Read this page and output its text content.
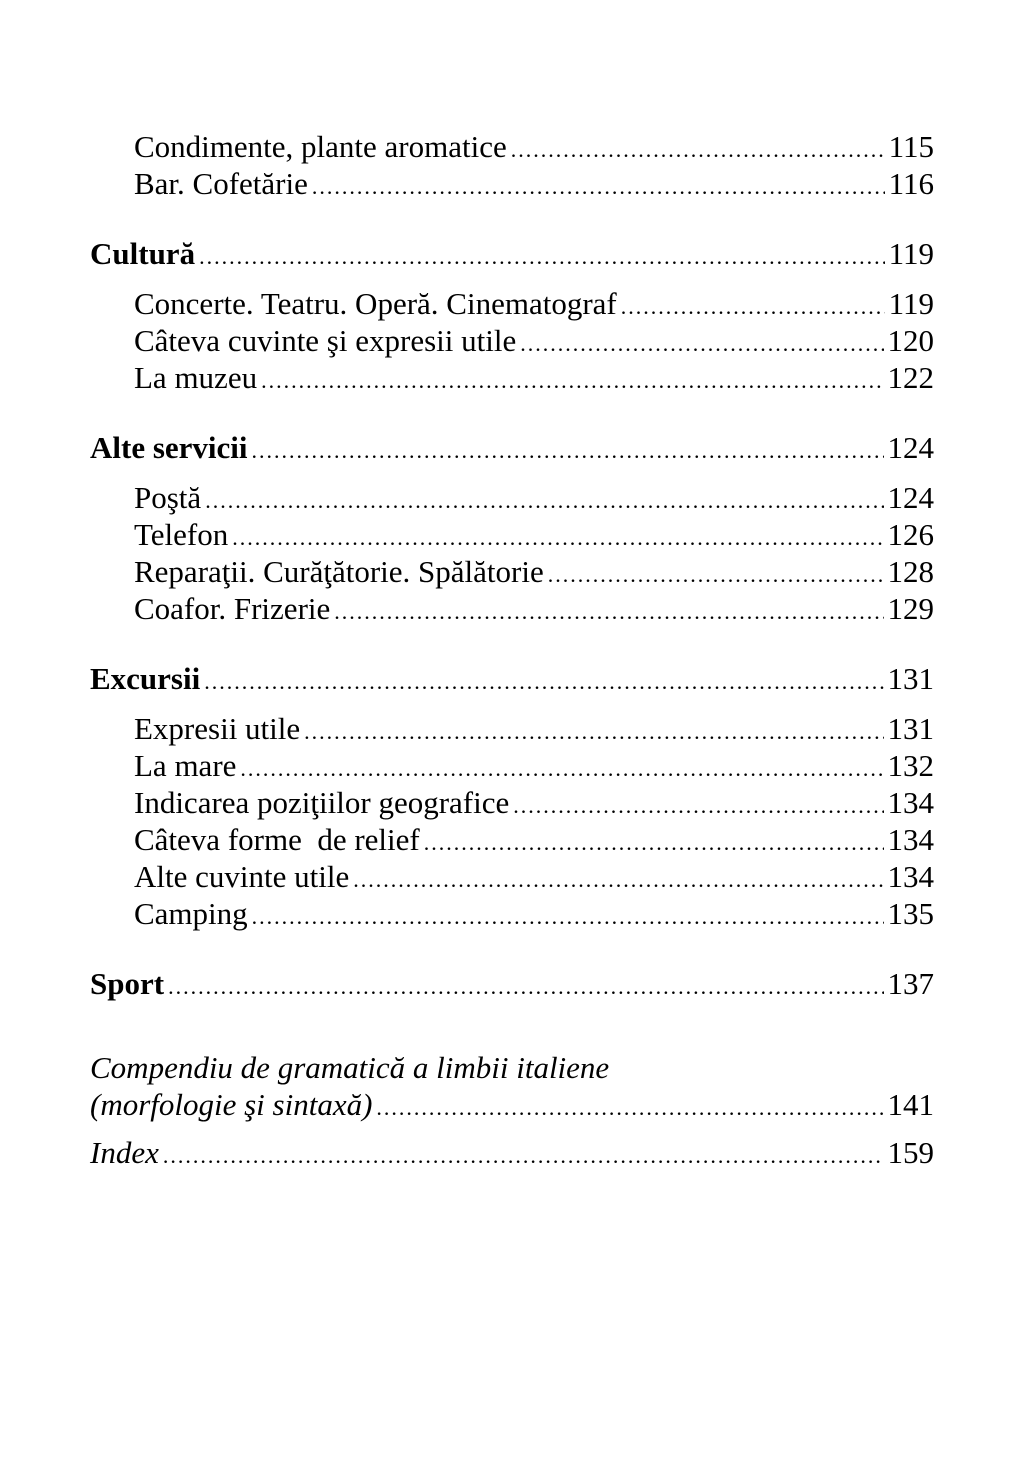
Condimente, plante aromatice .....	115
Bar. Cofetărie .....	116
Cultură .....	119
Concerte. Teatru. Operă. Cinematograf .....	119
Câteva cuvinte şi expresii utile .....	120
La muzeu .....	122
Alte servicii .....	124
Poştă .....	124
Telefon .....	126
Reparaţii. Curăţătorie. Spălătorie .....	128
Coafor. Frizerie .....	129
Excursii .....	131
Expresii utile .....	131
La mare .....	132
Indicarea poziţiilor geografice .....	134
Câteva forme  de relief .....	134
Alte cuvinte utile .....	134
Camping .....	135
Sport .....	137
Compendiu de gramatică a limbii italiene
(morfologie şi sintaxă) .....	141
Index .....	159
